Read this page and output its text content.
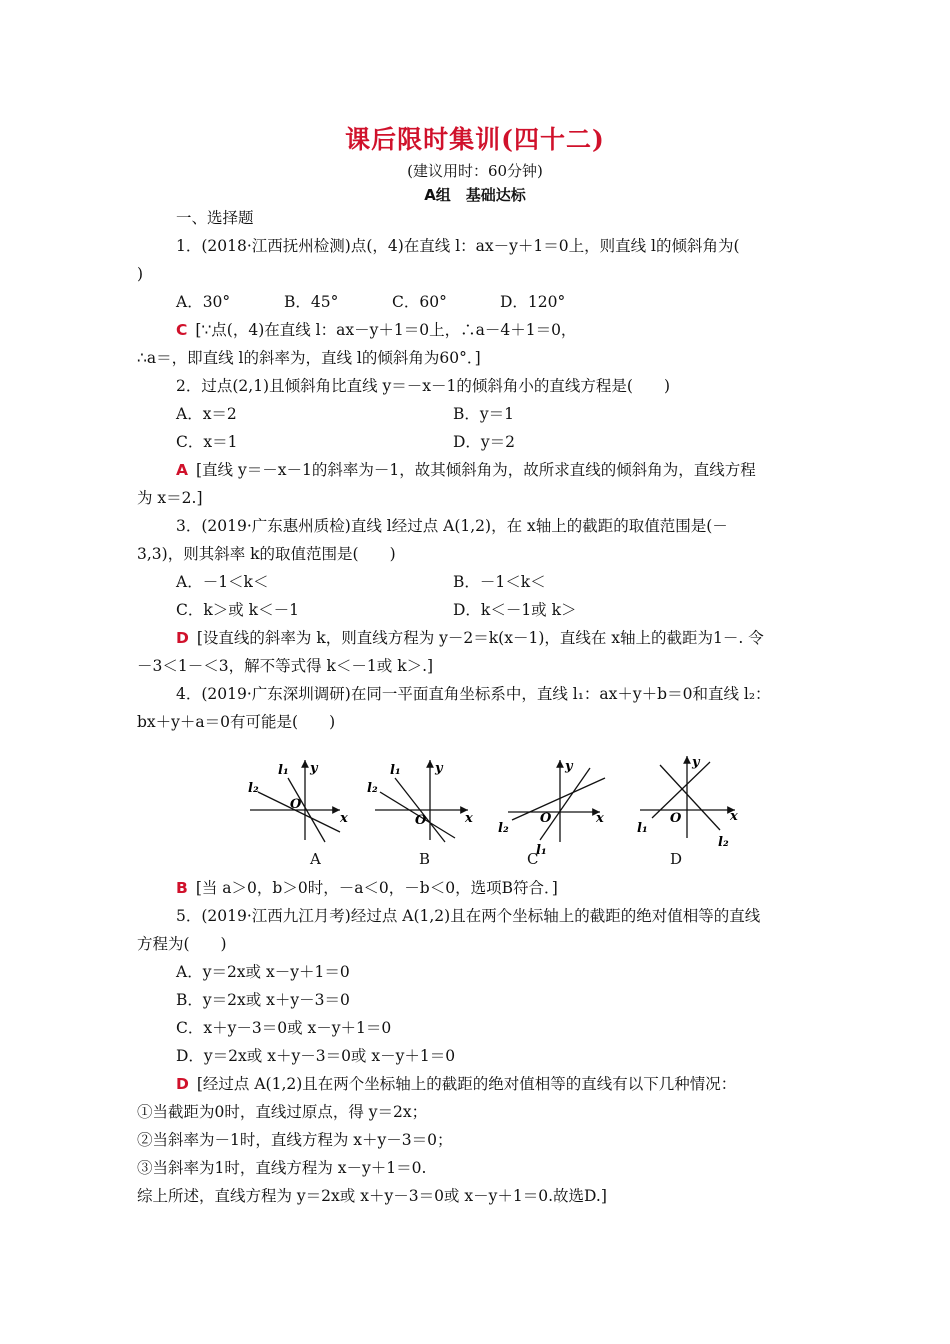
课后限时集训(四十二)
(建议用时：60分钟)
A组　基础达标
一、选择题
1．(2018·江西抚州检测)点(，4)在直线 l：ax－y＋1＝0上，则直线 l的倾斜角为(
)
A．30°	B．45°	C．60°	D．120°
C [∵点(，4)在直线 l：ax－y＋1＝0上，∴a－4＋1＝0，
∴a＝，即直线 l的斜率为，直线 l的倾斜角为60°．]
2．过点(2,1)且倾斜角比直线 y＝－x－1的倾斜角小的直线方程是(　　)
A．x＝2	B．y＝1
C．x＝1	D．y＝2
A [直线 y＝－x－1的斜率为－1，故其倾斜角为，故所求直线的倾斜角为，直线方程
为 x＝2.]
3．(2019·广东惠州质检)直线 l经过点 A(1,2)，在 x轴上的截距的取值范围是(－
3,3)，则其斜率 k的取值范围是(　　)
A．－1＜k＜	B．－1＜k＜
C．k＞或 k＜－1	D．k＜－1或 k＞
D [设直线的斜率为 k，则直线方程为 y－2＝k(x－1)，直线在 x轴上的截距为1－. 令
－3＜1－＜3，解不等式得 k＜－1或 k＞.]
4．(2019·广东深圳调研)在同一平面直角坐标系中，直线 l₁：ax＋y＋b＝0和直线 l₂：
bx＋y＋a＝0有可能是(　　)
l₁
l₂
y
x
O
l₁
l₂
y
x
O
l₁
l₂
y
x
O
l₁
l₂
y
x
O
A	B	C	D
B [当 a＞0，b＞0时，－a＜0，－b＜0，选项B符合．]
5．(2019·江西九江月考)经过点 A(1,2)且在两个坐标轴上的截距的绝对值相等的直线
方程为(　　)
A．y＝2x或 x－y＋1＝0
B．y＝2x或 x＋y－3＝0
C．x＋y－3＝0或 x－y＋1＝0
D．y＝2x或 x＋y－3＝0或 x－y＋1＝0
D [经过点 A(1,2)且在两个坐标轴上的截距的绝对值相等的直线有以下几种情况：
①当截距为0时，直线过原点，得 y＝2x；
②当斜率为－1时，直线方程为 x＋y－3＝0；
③当斜率为1时，直线方程为 x－y＋1＝0.
综上所述，直线方程为 y＝2x或 x＋y－3＝0或 x－y＋1＝0.故选D.]
